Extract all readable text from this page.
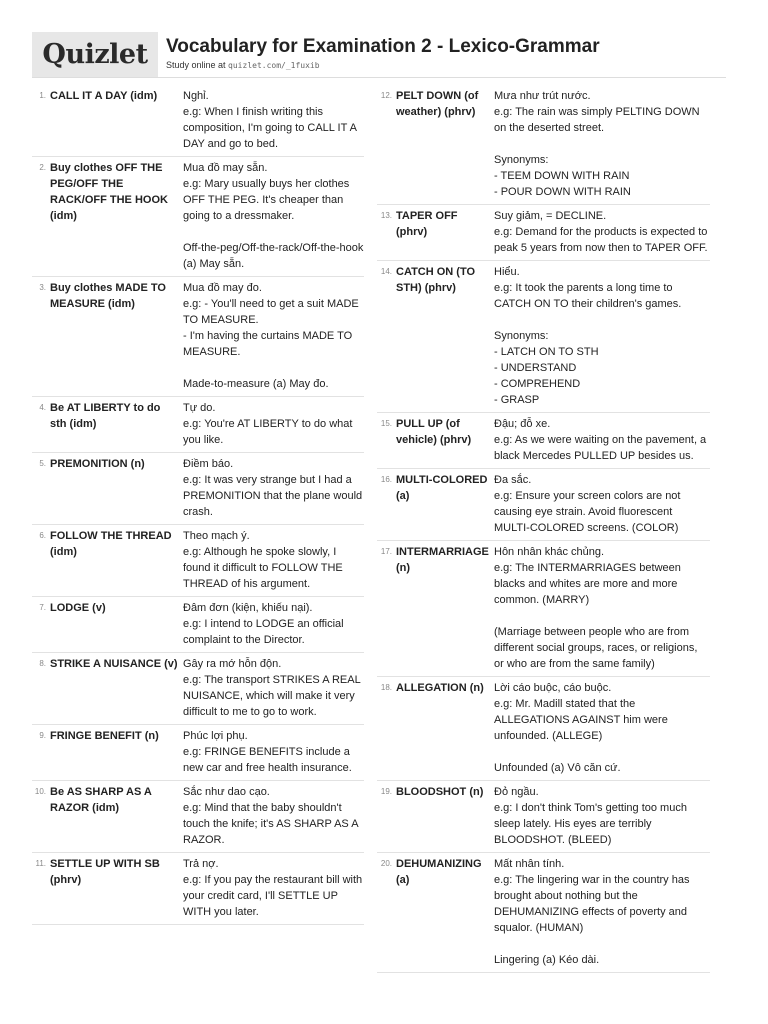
Quizlet Vocabulary for Examination 2 - Lexico-Grammar
Study online at quizlet.com/_1fuxib
1. CALL IT A DAY (idm)	Nghỉ.
e.g: When I finish writing this composition, I'm going to CALL IT A DAY and go to bed.
2. Buy clothes OFF THE PEG/OFF THE RACK/OFF THE HOOK (idm)
Mua đồ may sẵn.
e.g: Mary usually buys her clothes OFF THE PEG. It's cheaper than going to a dressmaker.

Off-the-peg/Off-the-rack/Off-the-hook (a) May sẵn.
3. Buy clothes MADE TO MEASURE (idm)
Mua đồ may đo.
e.g: - You'll need to get a suit MADE TO MEASURE.
- I'm having the curtains MADE TO MEASURE.

Made-to-measure (a) May đo.
4. Be AT LIBERTY to do sth (idm)
Tự do.
e.g: You're AT LIBERTY to do what you like.
5. PREMONITION (n)	Điềm báo.
e.g: It was very strange but I had a PREMONITION that the plane would crash.
6. FOLLOW THE THREAD (idm)
Theo mạch ý.
e.g: Although he spoke slowly, I found it difficult to FOLLOW THE THREAD of his argument.
7. LODGE (v)	Đâm đơn (kiện, khiếu nại).
e.g: I intend to LODGE an official complaint to the Director.
8. STRIKE A NUISANCE (v) Gây ra mớ hỗn độn.
e.g: The transport STRIKES A REAL NUISANCE, which will make it very difficult to me to go to work.
9. FRINGE BENEFIT (n)	Phúc lợi phụ.
e.g: FRINGE BENEFITS include a new car and free health insurance.
10. Be AS SHARP AS A RAZOR (idm)
Sắc như dao cạo.
e.g: Mind that the baby shouldn't touch the knife; it's AS SHARP AS A RAZOR.
11. SETTLE UP WITH SB (phrv)
Trả nợ.
e.g: If you pay the restaurant bill with your credit card, I'll SETTLE UP WITH you later.
12. PELT DOWN (of weather) (phrv)
Mưa như trút nước.
e.g: The rain was simply PELTING DOWN on the deserted street.

Synonyms:
- TEEM DOWN WITH RAIN
- POUR DOWN WITH RAIN
13. TAPER OFF (phrv)
Suy giảm, = DECLINE.
e.g: Demand for the products is expected to peak 5 years from now then to TAPER OFF.
14. CATCH ON (TO STH) (phrv)
Hiểu.
e.g: It took the parents a long time to CATCH ON TO their children's games.

Synonyms:
- LATCH ON TO STH
- UNDERSTAND
- COMPREHEND
- GRASP
15. PULL UP (of vehicle) (phrv)
Đậu; đỗ xe.
e.g: As we were waiting on the pavement, a black Mercedes PULLED UP besides us.
16. MULTI-COLORED (a)
Đa sắc.
e.g: Ensure your screen colors are not causing eye strain. Avoid fluorescent MULTI-COLORED screens. (COLOR)
17. INTERMARRIAGE (n)
Hôn nhân khác chủng.
e.g: The INTERMARRIAGES between blacks and whites are more and more common. (MARRY)

(Marriage between people who are from different social groups, races, or religions, or who are from the same family)
18. ALLEGATION (n) Lời cáo buộc, cáo buộc.
e.g: Mr. Madill stated that the ALLEGATIONS AGAINST him were unfounded. (ALLEGE)

Unfounded (a) Vô căn cứ.
19. BLOODSHOT (n) Đỏ ngầu.
e.g: I don't think Tom's getting too much sleep lately. His eyes are terribly BLOODSHOT. (BLEED)
20. DEHUMANIZING (a)
Mất nhân tính.
e.g: The lingering war in the country has brought about nothing but the DEHUMANIZING effects of poverty and squalor. (HUMAN)

Lingering (a) Kéo dài.
